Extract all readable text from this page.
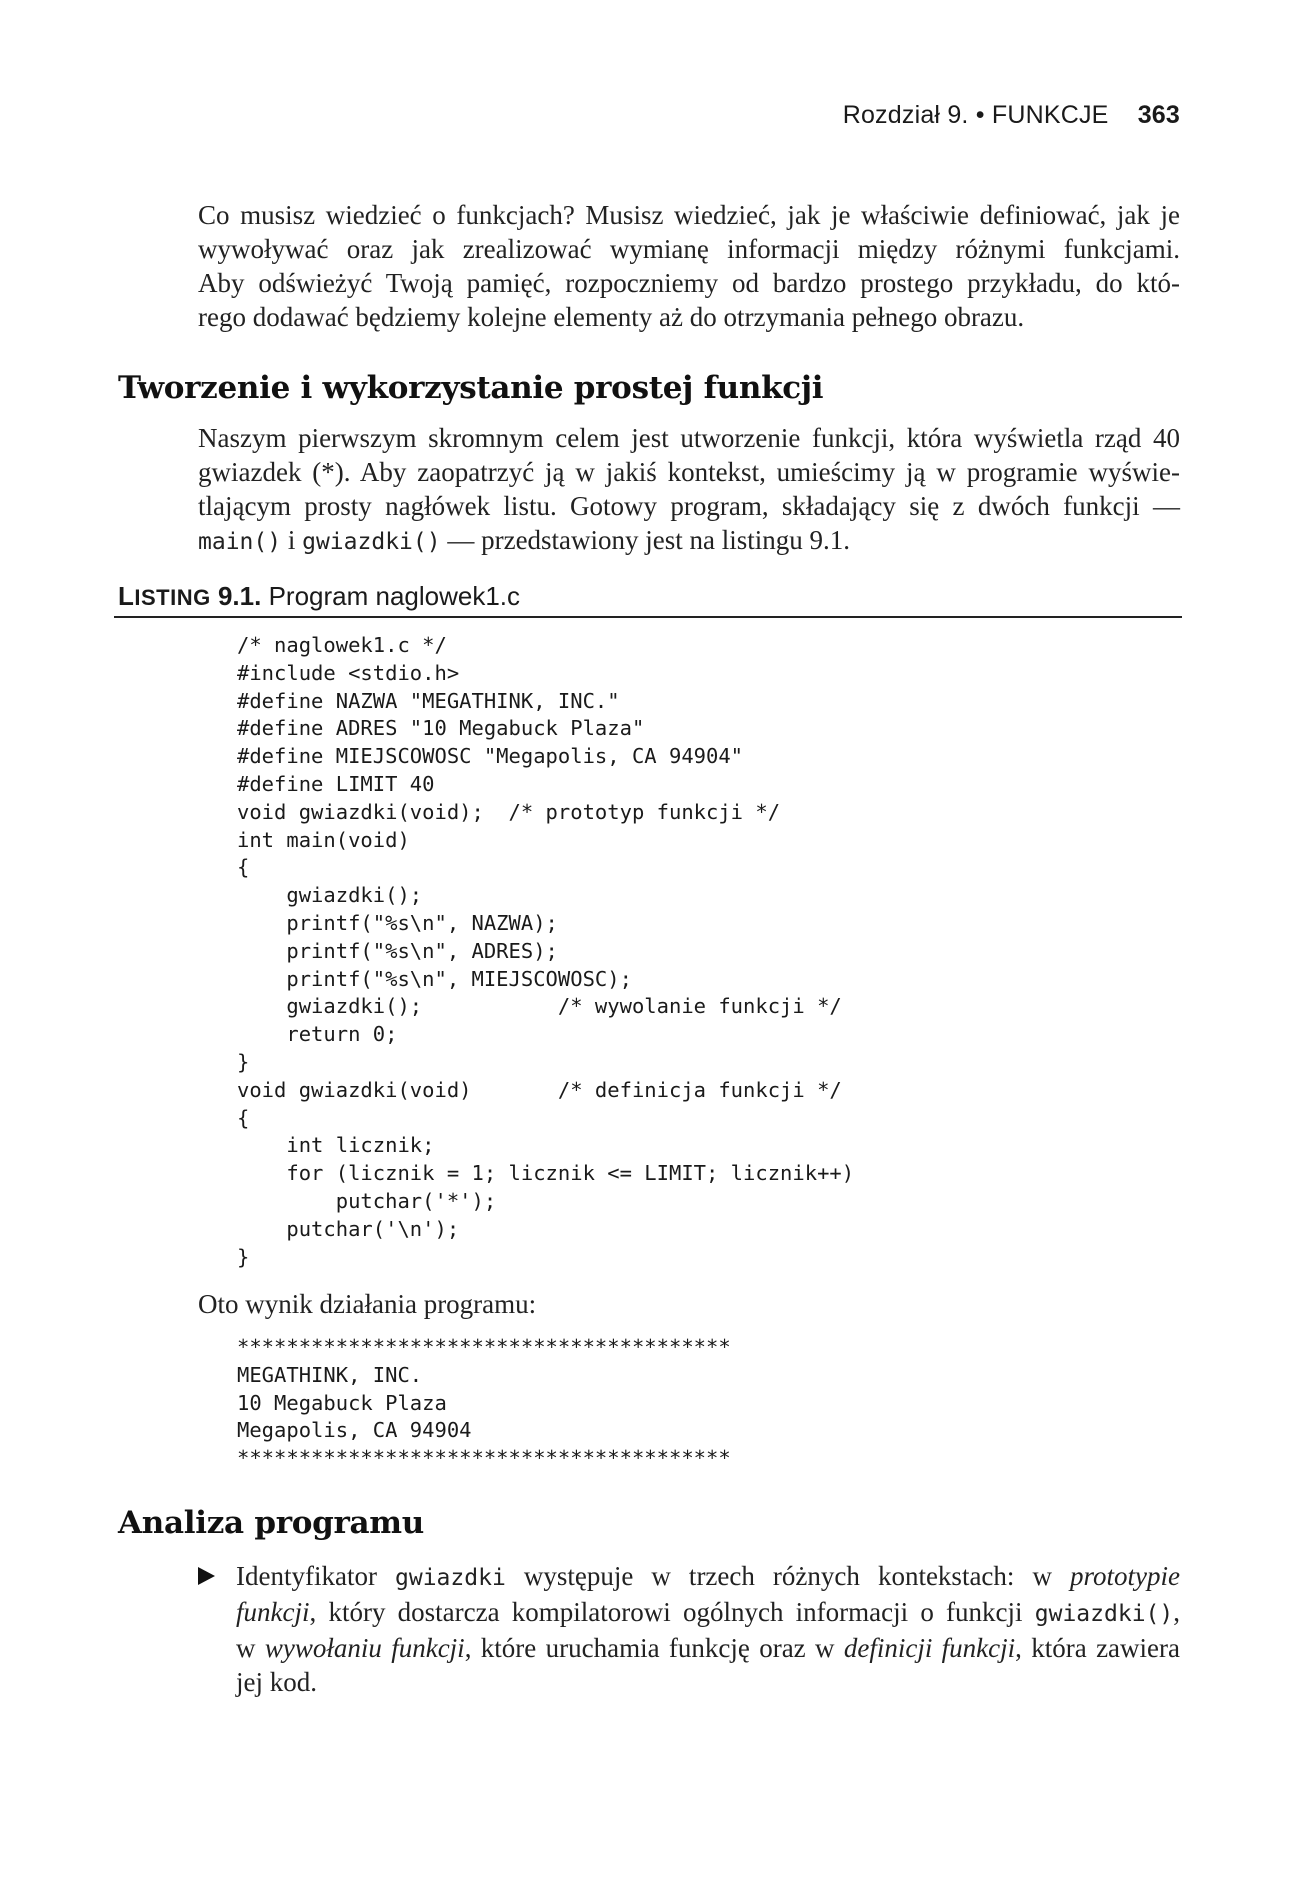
Rozdział 9. • FUNKCJE 363
Co musisz wiedzieć o funkcjach? Musisz wiedzieć, jak je właściwie definiować, jak je
wywoływać oraz jak zrealizować wymianę informacji między różnymi funkcjami.
Aby odświeżyć Twoją pamięć, rozpoczniemy od bardzo prostego przykładu, do któ-
rego dodawać będziemy kolejne elementy aż do otrzymania pełnego obrazu.
Tworzenie i wykorzystanie prostej funkcji
Naszym pierwszym skromnym celem jest utworzenie funkcji, która wyświetla rząd 40
gwiazdek (*). Aby zaopatrzyć ją w jakiś kontekst, umieścimy ją w programie wyświe-
tlającym prosty nagłówek listu. Gotowy program, składający się z dwóch funkcji —
main() i gwiazdki() — przedstawiony jest na listingu 9.1.
LISTING 9.1. Program naglowek1.c
/* naglowek1.c */
#include <stdio.h>
#define NAZWA "MEGATHINK, INC."
#define ADRES "10 Megabuck Plaza"
#define MIEJSCOWOSC "Megapolis, CA 94904"
#define LIMIT 40
void gwiazdki(void);  /* prototyp funkcji */
int main(void)
{
gwiazdki();
printf("%s\n", NAZWA);
printf("%s\n", ADRES);
printf("%s\n", MIEJSCOWOSC);
gwiazdki();           /* wywolanie funkcji */
return 0;
}
void gwiazdki(void)       /* definicja funkcji */
{
int licznik;
for (licznik = 1; licznik <= LIMIT; licznik++)
putchar('*');
putchar('\n');
}
Oto wynik działania programu:
****************************************
MEGATHINK, INC.
10 Megabuck Plaza
Megapolis, CA 94904
****************************************
Analiza programu
Identyfikator gwiazdki występuje w trzech różnych kontekstach: w prototypie
funkcji, który dostarcza kompilatorowi ogólnych informacji o funkcji gwiazdki(),
w wywołaniu funkcji, które uruchamia funkcję oraz w definicji funkcji, która zawiera
jej kod.
